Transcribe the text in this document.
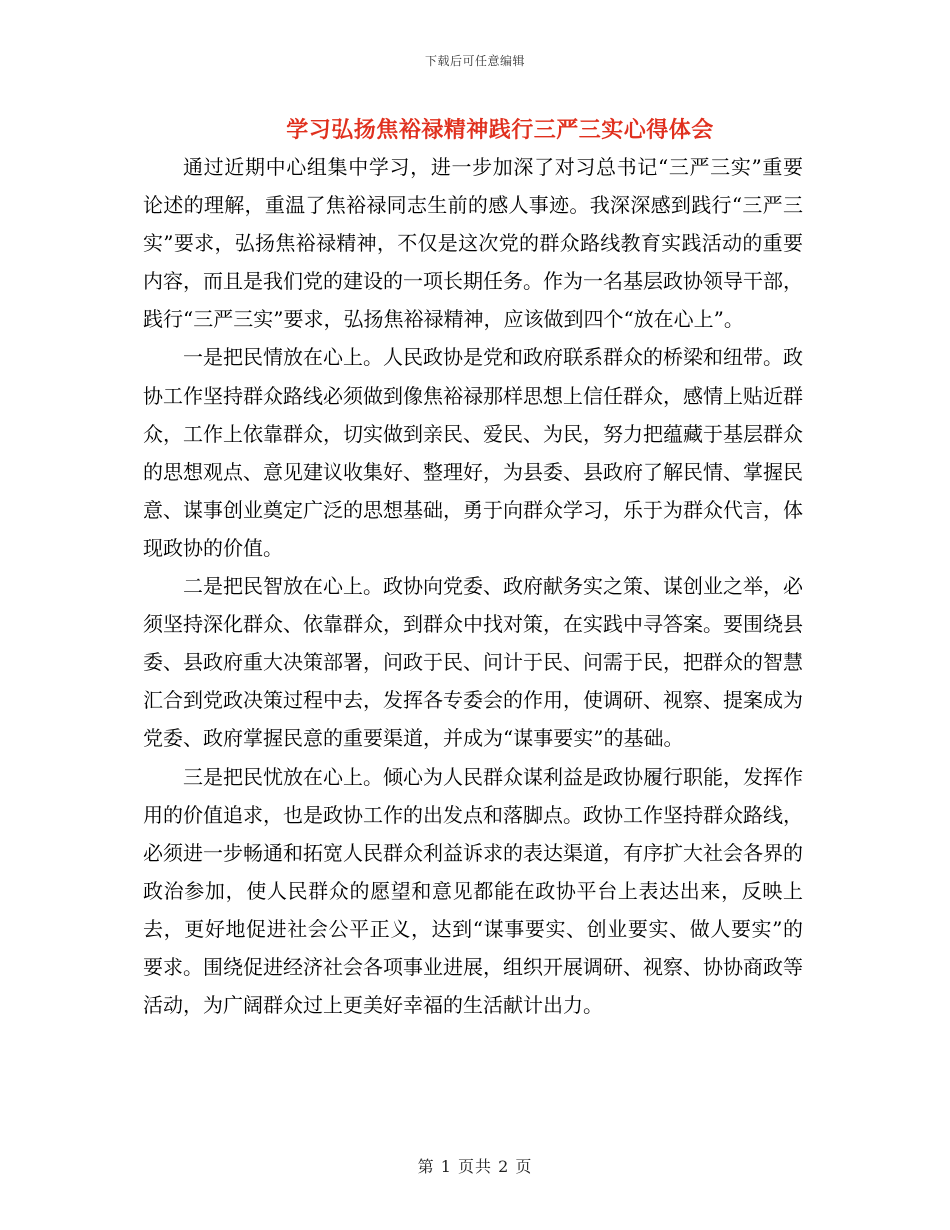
下载后可任意编辑
学习弘扬焦裕禄精神践行三严三实心得体会

通过近期中心组集中学习，进一步加深了对习总书记“三严三实”重要论述的理解，重温了焦裕禄同志生前的感人事迹。我深深感到践行“三严三实”要求，弘扬焦裕禄精神，不仅是这次党的群众路线教育实践活动的重要内容，而且是我们党的建设的一项长期任务。作为一名基层政协领导干部，践行“三严三实”要求，弘扬焦裕禄精神，应该做到四个“放在心上”。

一是把民情放在心上。人民政协是党和政府联系群众的桥梁和纽带。政协工作坚持群众路线必须做到像焦裕禄那样思想上信任群众，感情上贴近群众，工作上依靠群众，切实做到亲民、爱民、为民，努力把蕴藏于基层群众的思想观点、意见建议收集好、整理好，为县委、县政府了解民情、掌握民意、谋事创业奠定广泛的思想基础，勇于向群众学习，乐于为群众代言，体现政协的价值。

二是把民智放在心上。政协向党委、政府献务实之策、谋创业之举，必须坚持深化群众、依靠群众，到群众中找对策，在实践中寻答案。要围绕县委、县政府重大决策部署，问政于民、问计于民、问需于民，把群众的智慧汇合到党政决策过程中去，发挥各专委会的作用，使调研、视察、提案成为党委、政府掌握民意的重要渠道，并成为“谋事要实”的基础。

三是把民忧放在心上。倾心为人民群众谋利益是政协履行职能，发挥作用的价值追求，也是政协工作的出发点和落脚点。政协工作坚持群众路线，必须进一步畅通和拓宽人民群众利益诉求的表达渠道，有序扩大社会各界的政治参加，使人民群众的愿望和意见都能在政协平台上表达出来，反映上去，更好地促进社会公平正义，达到“谋事要实、创业要实、做人要实”的要求。围绕促进经济社会各项事业进展，组织开展调研、视察、协协商政等活动，为广阔群众过上更美好幸福的生活献计出力。

第 1 页共 2 页
